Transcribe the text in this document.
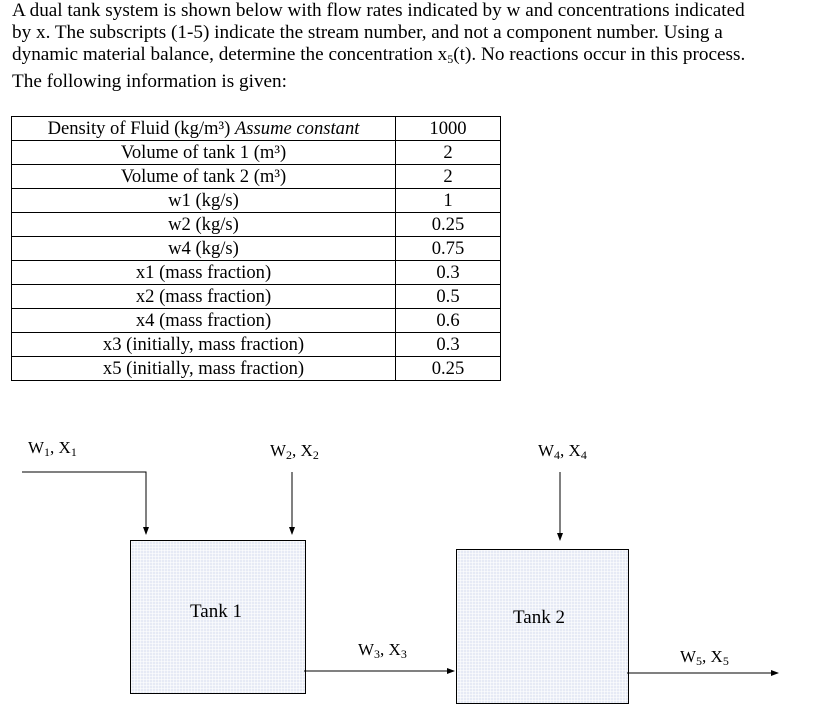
A dual tank system is shown below with flow rates indicated by w and concentrations indicated
by x. The subscripts (1-5) indicate the stream number, and not a component number. Using a
dynamic material balance, determine the concentration $x_5(t)$. No reactions occur in this process.
The following information is given:
Density of Fluid (kg/m³) Assume constant	1000
Volume of tank 1 (m³)	2
Volume of tank 2 (m³)	2
w1 (kg/s)	1
w2 (kg/s)	0.25
w4 (kg/s)	0.75
x1 (mass fraction)	0.3
x2 (mass fraction)	0.5
x4 (mass fraction)	0.6
x3 (initially, mass fraction)	0.3
x5 (initially, mass fraction)	0.25
$W_1$, $X_1$	$W_2$, $X_2$
$W_3$, $X_3$
$W_4$, $X_4$
$W_5$, $X_5$
Tank 1	Tank 2
